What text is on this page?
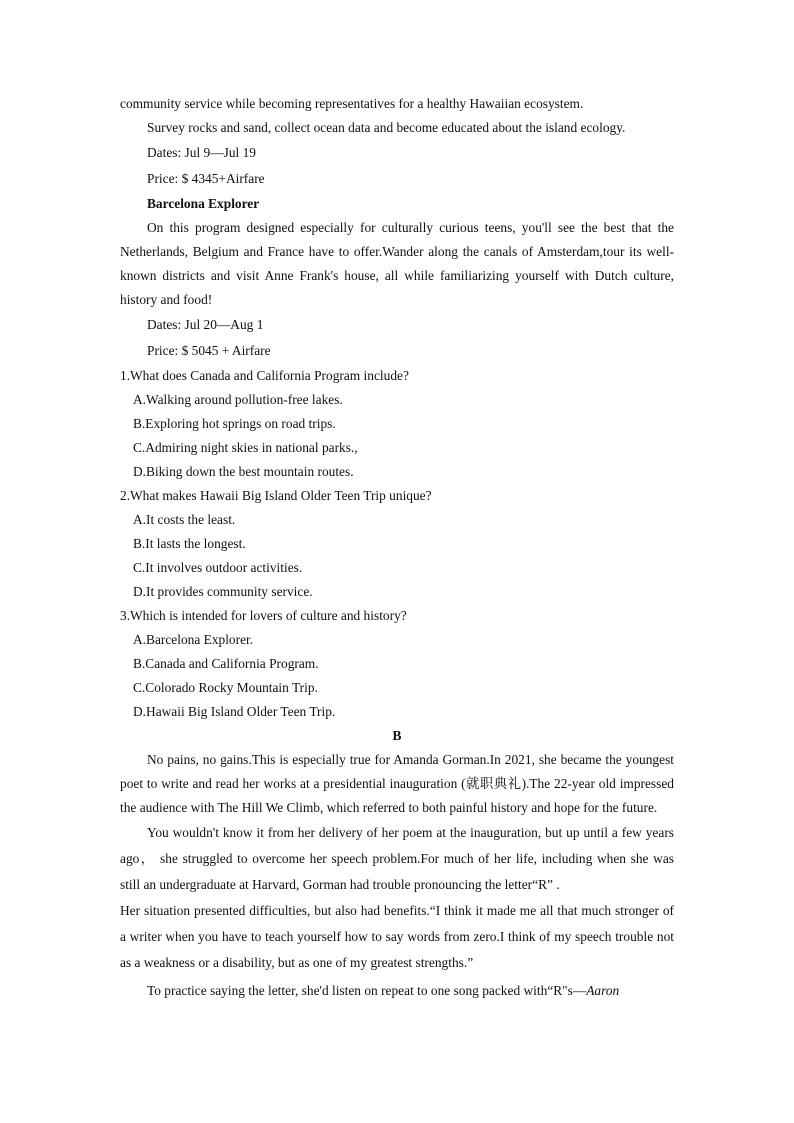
community service while becoming representatives for a healthy Hawaiian ecosystem.

Survey rocks and sand, collect ocean data and become educated about the island ecology.

Dates: Jul 9—Jul 19

Price: $ 4345+Airfare

Barcelona Explorer

On this program designed especially for culturally curious teens, you'll see the best that the Netherlands, Belgium and France have to offer.Wander along the canals of Amsterdam,tour its well-known districts and visit Anne Frank's house, all while familiarizing yourself with Dutch culture, history and food!

Dates: Jul 20—Aug 1

Price: $ 5045 + Airfare

1.What does Canada and California Program include?

A.Walking around pollution-free lakes.
B.Exploring hot springs on road trips.
C.Admiring night skies in national parks.,
D.Biking down the best mountain routes.

2.What makes Hawaii Big Island Older Teen Trip unique?

A.It costs the least.
B.It lasts the longest.
C.It involves outdoor activities.
D.It provides community service.

3.Which is intended for lovers of culture and history?

A.Barcelona Explorer.
B.Canada and California Program.
C.Colorado Rocky Mountain Trip.
D.Hawaii Big Island Older Teen Trip.

B

No pains, no gains.This is especially true for Amanda Gorman.In 2021, she became the youngest poet to write and read her works at a presidential inauguration (就职典礼).The 22-year old impressed the audience with The Hill We Climb, which referred to both painful history and hope for the future.

You wouldn't know it from her delivery of her poem at the inauguration, but up until a few years ago， she struggled to overcome her speech problem.For much of her life, including when she was still an undergraduate at Harvard, Gorman had trouble pronouncing the letter“R” .

Her situation presented difficulties, but also had benefits.“I think it made me all that much stronger of a writer when you have to teach yourself how to say words from zero.I think of my speech trouble not as a weakness or a disability, but as one of my greatest strengths.”

To practice saying the letter, she'd listen on repeat to one song packed with“R"s—Aaron
